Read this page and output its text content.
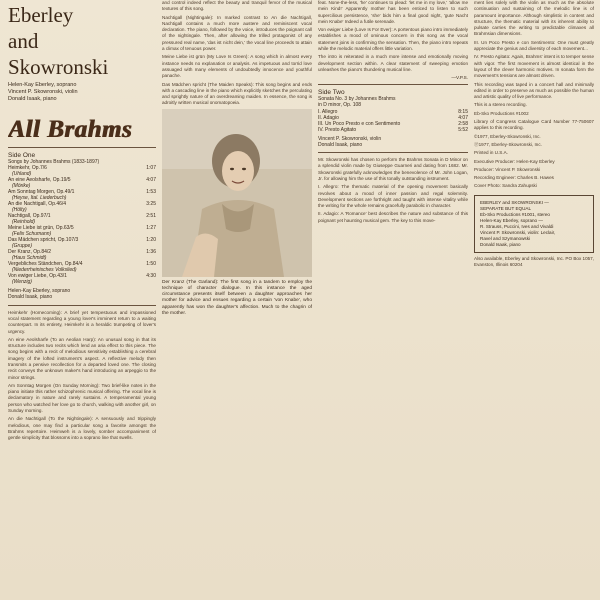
Eberley
and
Skowronski
Helen-Kay Eberley, soprano
Vincent P. Skowronski, violin
Donald Isaak, piano
All Brahms
Side One
Songs by Johannes Brahms (1833-1897)
Heimkehr, Op.7/6	1:07
(Uhland)	
An eine Aeolsharfe, Op.19/5	4:07
(Mörike)	
Am Sonntag Morgen, Op.49/1	1:53
(Heyse, Ital. Liederbuch)	
An die Nachtigall, Op.46/4	3:25
(Hölty)	
Nachtigall, Op.97/1	2:51
(Reinhold)	
Meine Liebe ist grün, Op.63/5	1:27
(Felix Schumann)	
Das Mädchen spricht, Op.107/3	1:20
(Gruppe)	
Der Kranz, Op.84/2	1:36
(Haus Schmidt)	
Vergebliches Ständchen, Op.84/4	1:50
(Niederrheinisches Volkslied)	
Von ewiger Liebe, Op.43/1	4:30
(Wenzig)	
Helen-Kay Eberley, soprano
Donald Isaak, piano

Heimkehr (Homecoming): A brief yet tempestuous and impassioned vocal statement regarding a young lover's imminent return to a waiting counterpart. In its entirety, Heimkehr is a heraldic trumpeting of lover's urgency.

An eine Aeolsharfe (To an Aeolian Harp): An unusual song in that its structure includes two recits which lend an aria effect to this piece. The song begins with a recit of melodious sensitivity establishing a cerebral imagery of the lofted instrument's aspect. A reflective melody then transmits a pensive recollection for a departed loved one. The closing recit conveys the unknown maker's hand introducing an arpeggio to the minor strings.

Am Sonntag Morgen (On Sunday Morning): Two brief-like notes in the piano initiate this rather schizophrenic musical offering. The vocal line is declamatory in nature and rarely sustains. A temperamental young person who watched her love go to church, walking with another girl, on Sunday morning.

An die Nachtigall (To the Nightingale): A sensuously and trippingly melodious, one may find a particular song a favorite amongst the Brahms repertoire. Heimweh is a lovely, somber accompaniment of gentle simplicity that blossoms into a soprano line that swells.

and control indeed reflect the beauty and tranquil fervor of the musical textures of this song.

Nachtigall (Nightingale): In marked contrast to An die Nachtigall, Nachtigall contains a much more austere and reminiscent vocal declaration. The piano, followed by the voice, introduces the poignant call of the nightingale. Then, after allowing the trilled protagonist of any pressured real name, 'das ist nicht dein,' the vocal line proceeds to attain a climax of tenuous power.

Meine Liebe ist grün (My Love Is Green): A song which in almost every instance needs no explanation or analysis. As impetuous and torrid love assuaged with many elements of undoubtedly innocence and youthful panache.

Das Mädchen spricht (The Maiden Speaks): This song begins and ends with a cascading line in the piano which explicitly sketches the perculating and sprightly nature of an overdreaming maiden. In essence, the song is adroitly written musical onomatopoeia.

Der Kranz (The Garland): The first song in a tandem to employ the technique of character dialogue. In this instance the aged circumstance presents itself between a daughter approaches her mother for advice and ensues regarding a certain 'von Knabe', who apparently has won the daughter's affection. Much to the chagrin of the mother.

feat. None-the-less, 'he' continues to plead: 'let me in my love,' 'allow me mein Kind!' Apparently mother has been enticed to listen to such supercilious persistence, 'she' bids him a final good night, 'gute Nacht mein Knabe' Indeed a futile serenade.

Von ewiger Liebe (Love Is For Ever): A portentous piano intro immediately establishes a mood of ominous concern in this song as the vocal statement joins in confirming the sensation. Then, the piano intro repeats while the melodic material offers little variation.

The intro is reiterated in a much more intense and emotionally moving development section within. A clear statement of sweeping emotion unleashes the piano's thundering musical line.

—V.P.S.
Side Two
Sonata No. 3 by Johannes Brahms
in D minor, Op. 108
I. Allegro	8:15
II. Adagio	4:07
III. Un Poco Presto e con Sentimento	2:58
IV. Presto Agitato	5:52
Vincent P. Skowronski, violin
Donald Isaak, piano

Mr. Skowronski has chosen to perform the Brahms Sonata in D Minor on a splendid violin made by Giuseppe Guarneri and dating from 1682. Mr. Skowronski gratefully acknowledges the benevolence of Mr. John Logan, Jr. for allowing him the use of this tonally outstanding instrument.

I. Allegro: The thematic material of the opening movement basically revolves about a mood of inner passion and regal solemnity. Development sections are forthright and taught with intense vitality while the writing for the whole remains gracefully parabolic in character.

II. Adagio: A 'Romance' best describes the nature and substance of this poignant yet haunting musical gem. The key to this move-

ment lies solely with the violin as much as the absolute continuation and sustaining of the melodic line is of paramount importance. Although simplistic in content and structure, the thematic material with its inherent ability to pulsate carries the writing to predictable climaxes all Brahmsian dimensions.

III. Un Poco Presto e con Sentimento: One must greatly appreciate the genius and diversity of each movement...

IV. Presto Agitato: Again, Brahms' intent is to temper sense with vigor. The first movement is almost identical in the layout of the clever harmonic motives. In sonata form the movement's tensions are almost driven.

This recording was taped in a concert hall and minimally edited in order to preserve as much as possible the human and artistic quality of live performance.

This is a stereo recording.

Eb-Sko Productions #1002

Library of Congress Catalogue Card Number 77-750607 applies to this recording.

©1977, Eberley-Skowronski, Inc.

Ⓟ1977, Eberley-Skowronski, Inc.

Printed in U.S.A.

Executive Producer: Helen-Kay Eberley

Producer: Vincent P. Skowronski

Recording Engineer: Charles B. Hawes

Cover Photo: Sandra Zahupski

EBERLEY and SKOWRONSKI —
SEPARATE BUT EQUAL
Eb-Sko Productions #1001, stereo
Helen-Kay Eberley, soprano —
R. Strauss, Puccini, Ives and Vivaldi
Vincent P. Skowronski, violin: Leclair,
Ravel and Szymanowski
Donald Isaak, piano
Also available, Eberley and Skowronski, Inc. PO Box 1057, Evanston, Illinois 60204
